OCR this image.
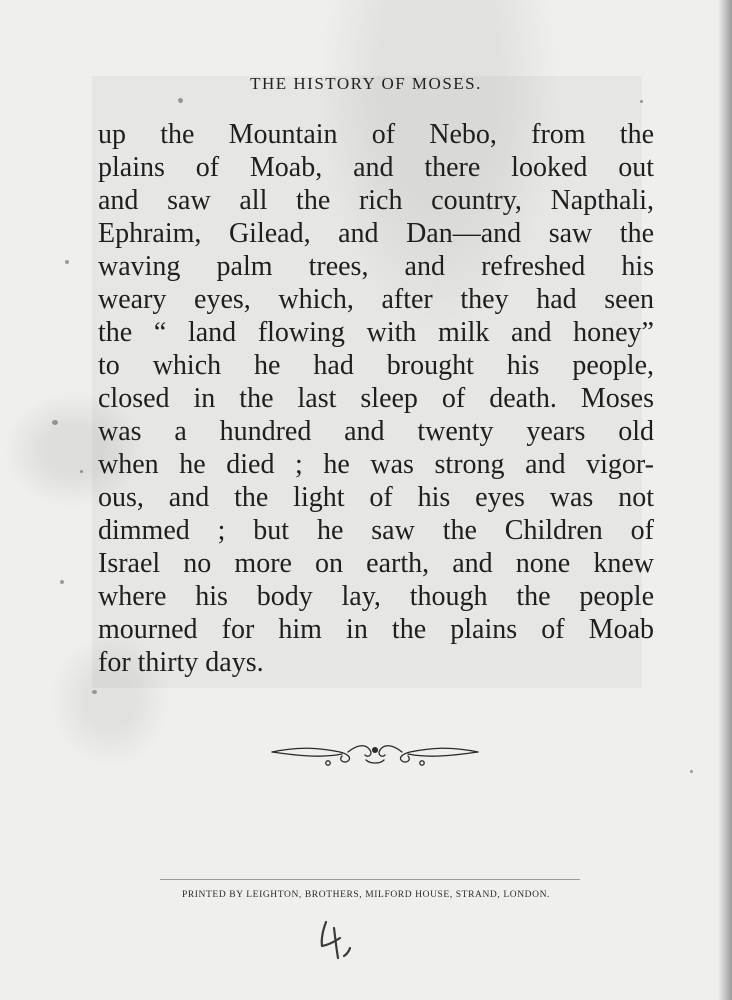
THE HISTORY OF MOSES.
up the Mountain of Nebo, from the
plains of Moab, and there looked out
and saw all the rich country, Napthali,
Ephraim, Gilead, and Dan—and saw the
waving palm trees, and refreshed his
weary eyes, which, after they had seen
the “ land flowing with milk and honey”
to which he had brought his people,
closed in the last sleep of death. Moses
was a hundred and twenty years old
when he died ; he was strong and vigor-
ous, and the light of his eyes was not
dimmed ; but he saw the Children of
Israel no more on earth, and none knew
where his body lay, though the people
mourned for him in the plains of Moab
for thirty days.
PRINTED BY LEIGHTON, BROTHERS, MILFORD HOUSE, STRAND, LONDON.
